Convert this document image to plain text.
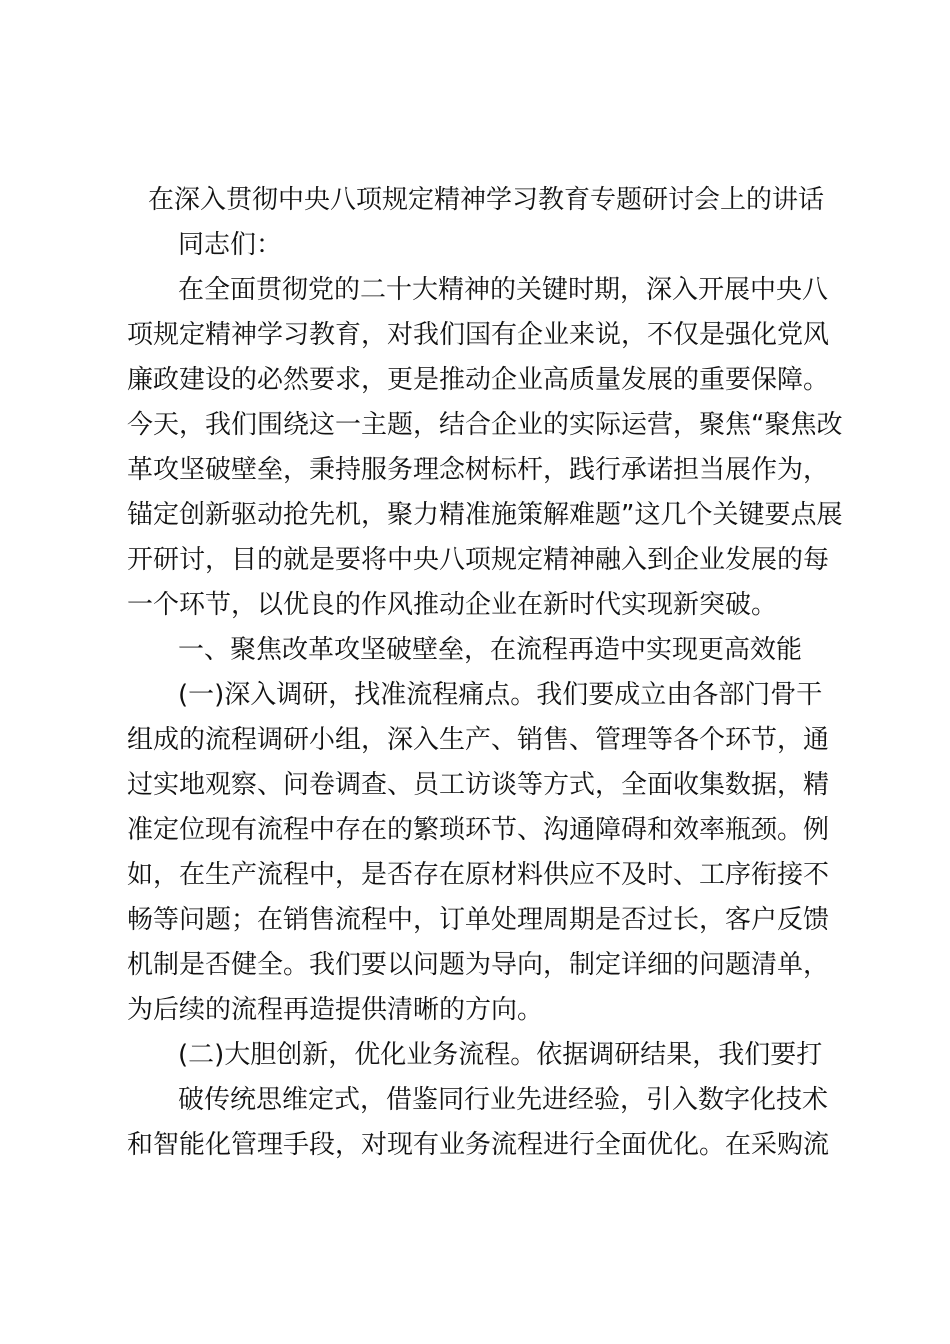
在深入贯彻中央八项规定精神学习教育专题研讨会上的讲话
同志们：
在全面贯彻党的二十大精神的关键时期，深入开展中央八
项规定精神学习教育，对我们国有企业来说，不仅是强化党风
廉政建设的必然要求，更是推动企业高质量发展的重要保障。
今天，我们围绕这一主题，结合企业的实际运营，聚焦“聚焦改
革攻坚破壁垒，秉持服务理念树标杆，践行承诺担当展作为，
锚定创新驱动抢先机，聚力精准施策解难题”这几个关键要点展
开研讨，目的就是要将中央八项规定精神融入到企业发展的每
一个环节，以优良的作风推动企业在新时代实现新突破。
一、聚焦改革攻坚破壁垒，在流程再造中实现更高效能
(一)深入调研，找准流程痛点。我们要成立由各部门骨干
组成的流程调研小组，深入生产、销售、管理等各个环节，通
过实地观察、问卷调查、员工访谈等方式，全面收集数据，精
准定位现有流程中存在的繁琐环节、沟通障碍和效率瓶颈。例
如，在生产流程中，是否存在原材料供应不及时、工序衔接不
畅等问题；在销售流程中，订单处理周期是否过长，客户反馈
机制是否健全。我们要以问题为导向，制定详细的问题清单，
为后续的流程再造提供清晰的方向。
(二)大胆创新，优化业务流程。依据调研结果，我们要打
破传统思维定式，借鉴同行业先进经验，引入数字化技术
和智能化管理手段，对现有业务流程进行全面优化。在采购流
